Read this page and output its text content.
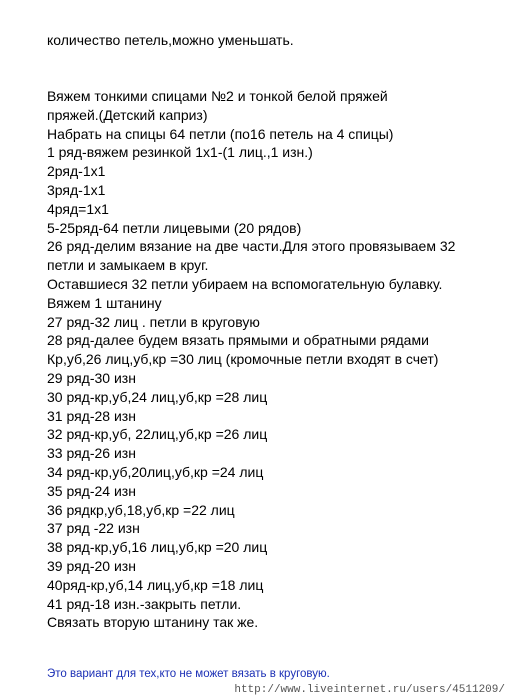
количество петель,можно уменьшать.
Вяжем тонкими спицами №2 и тонкой белой пряжей
пряжей.(Детский каприз)
Набрать на спицы 64 петли (по16 петель на 4 спицы)
1 ряд-вяжем резинкой 1х1-(1 лиц.,1 изн.)
2ряд-1х1
3ряд-1х1
4ряд=1х1
5-25ряд-64 петли лицевыми (20 рядов)
26 ряд-делим вязание на две части.Для этого провязываем 32
петли и замыкаем в круг.
Оставшиеся 32 петли убираем на вспомогательную булавку.
Вяжем 1 штанину
27 ряд-32 лиц . петли в круговую
28 ряд-далее будем вязать прямыми и обратными рядами
Кр,уб,26 лиц,уб,кр =30 лиц (кромочные петли входят в счет)
29 ряд-30 изн
30 ряд-кр,уб,24 лиц,уб,кр =28 лиц
31 ряд-28 изн
32 ряд-кр,уб, 22лиц,уб,кр =26 лиц
33 ряд-26 изн
34 ряд-кр,уб,20лиц,уб,кр =24 лиц
35 ряд-24 изн
36 рядкр,уб,18,уб,кр =22 лиц
37 ряд -22 изн
38 ряд-кр,уб,16 лиц,уб,кр =20 лиц
39 ряд-20 изн
40ряд-кр,уб,14 лиц,уб,кр =18 лиц
41 ряд-18 изн.-закрыть петли.
Связать вторую штанину так же.
Это вариант для тех,кто не может вязать в круговую.
http://www.liveinternet.ru/users/4511209/
